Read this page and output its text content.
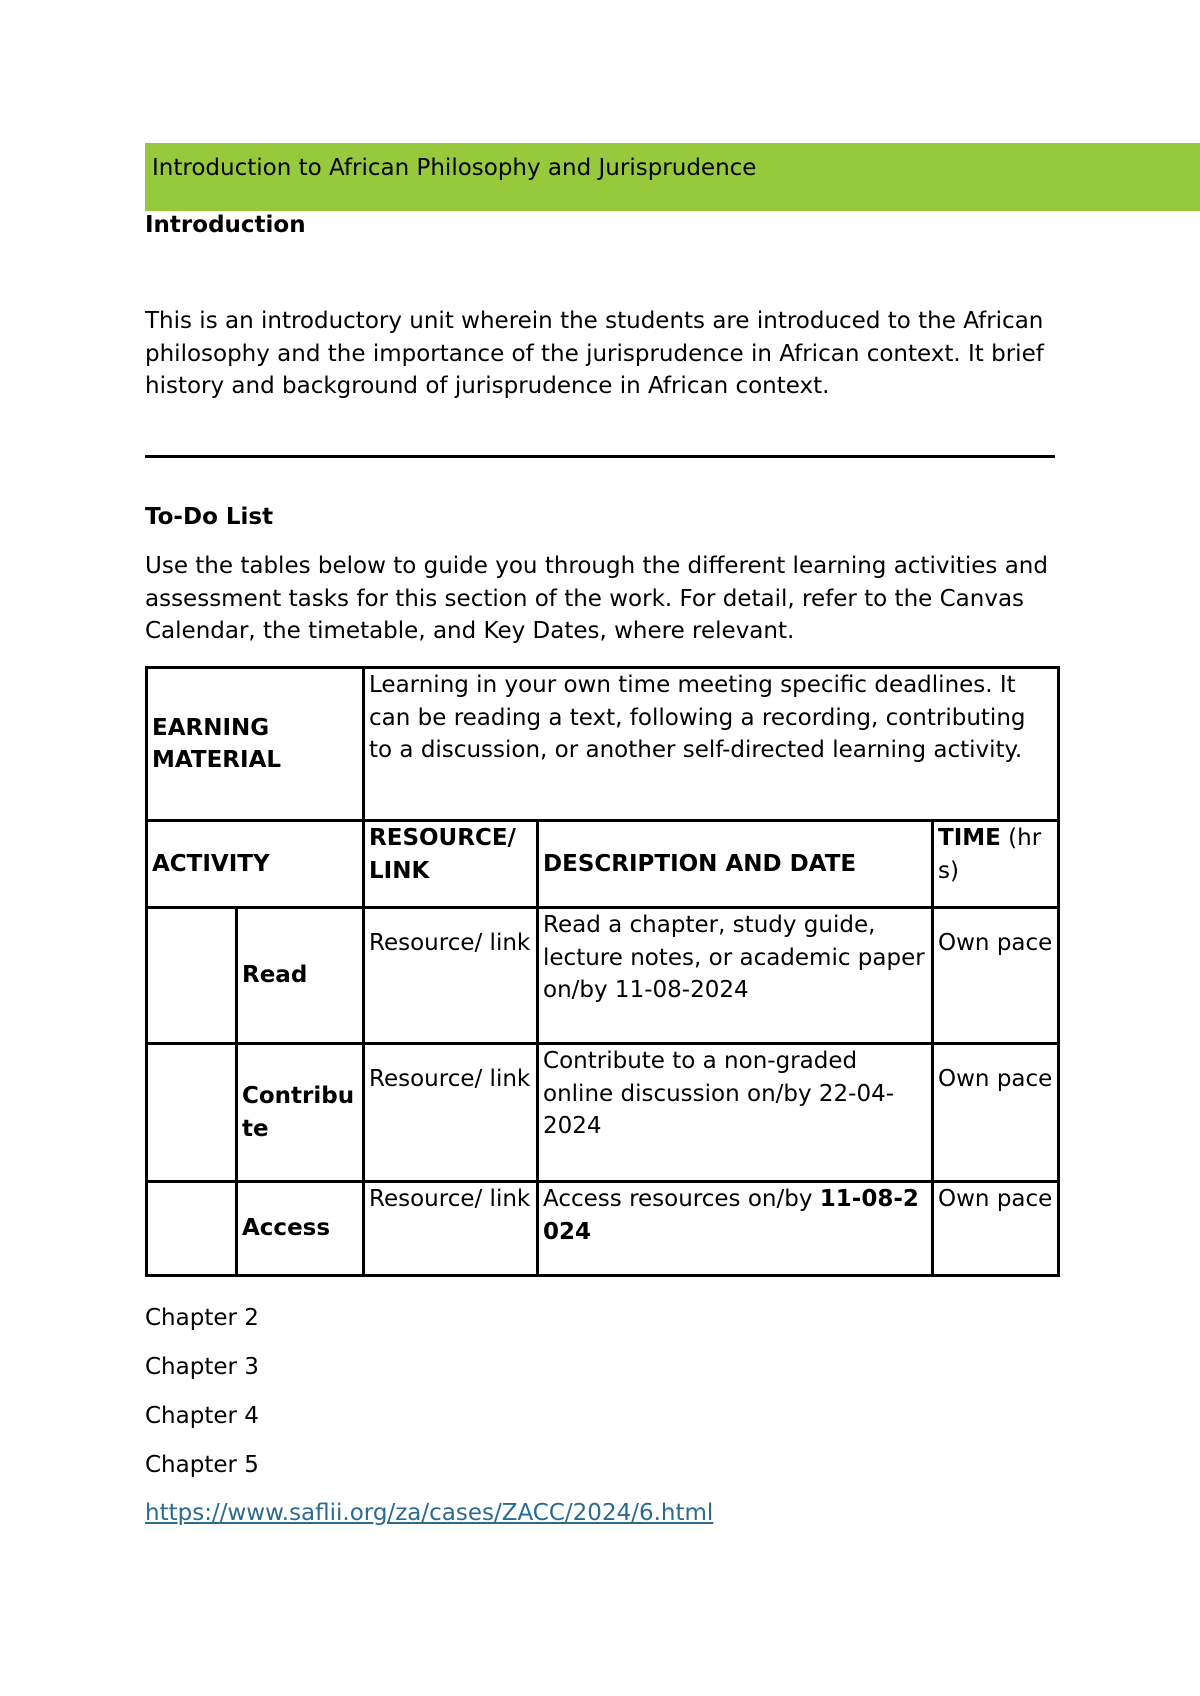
Introduction to African Philosophy and Jurisprudence
Introduction
This is an introductory unit wherein the students are introduced to the African philosophy and the importance of the jurisprudence in African context. It brief history and background of jurisprudence in African context.
To-Do List
Use the tables below to guide you through the different learning activities and assessment tasks for this section of the work. For detail, refer to the Canvas Calendar, the timetable, and Key Dates, where relevant.
EARNING MATERIAL		Learning in your own time meeting specific deadlines. It can be reading a text, following a recording, contributing to a discussion, or another self-directed learning activity.		
ACTIVITY		RESOURCE/ LINK	DESCRIPTION AND DATE	TIME (hrs)
	Read	Resource/ link	Read a chapter, study guide, lecture notes, or academic paper on/by 11-08-2024	Own pace
	Contribute	Resource/ link	Contribute to a non-graded online discussion on/by 22-04-2024	Own pace
	Access	Resource/ link	Access resources on/by 11-08-2024	Own pace
Chapter 2
Chapter 3
Chapter 4
Chapter 5
https://www.saflii.org/za/cases/ZACC/2024/6.html
